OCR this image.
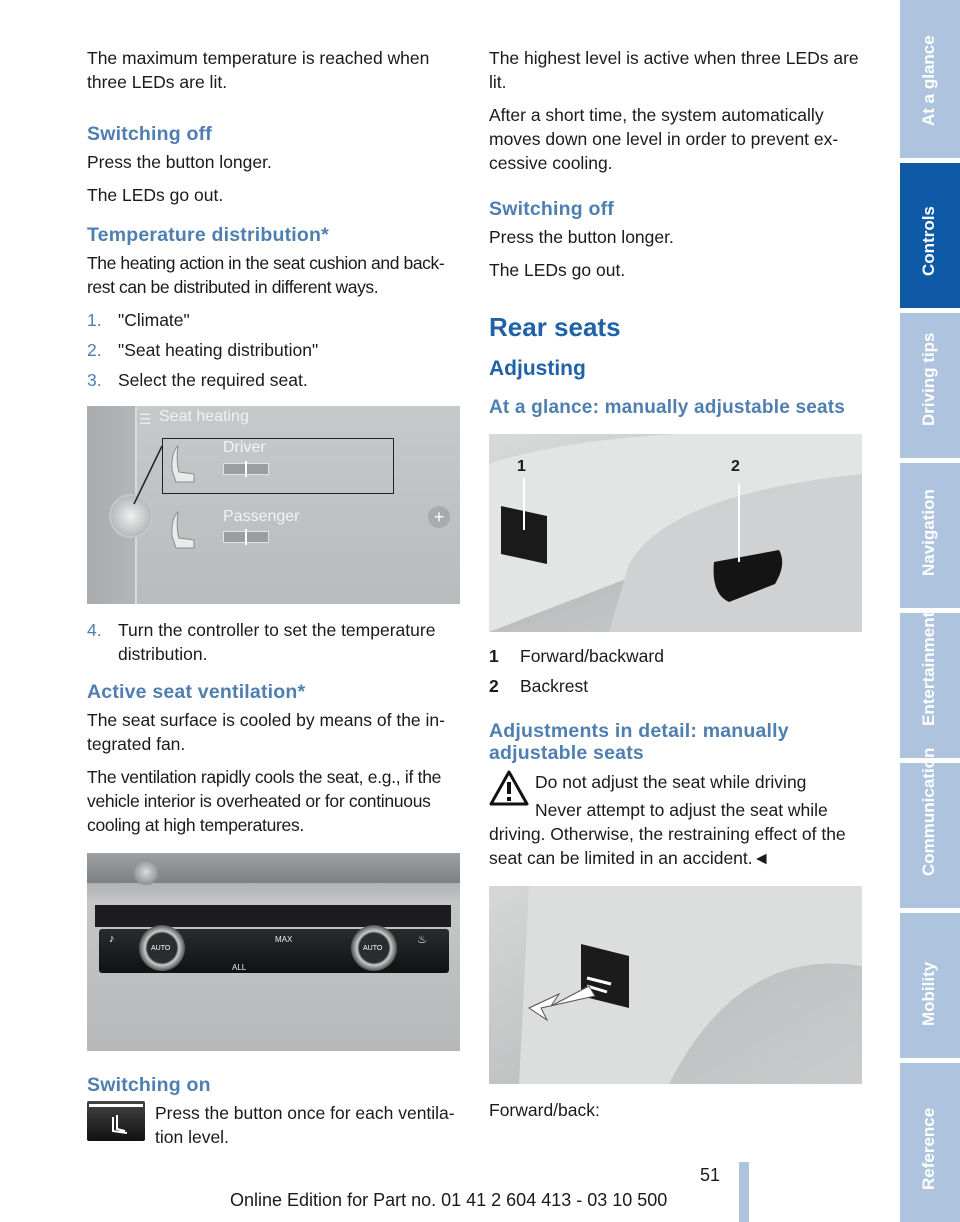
The maximum temperature is reached when three LEDs are lit.

Switching off

Press the button longer.

The LEDs go out.

Temperature distribution*

The heating action in the seat cushion and back-rest can be distributed in different ways.

1. "Climate"
2. "Seat heating distribution"
3. Select the required seat.
☰ Seat heating
Driver
Passenger	+
4. Turn the controller to set the temperature distribution.
Active seat ventilation*

The seat surface is cooled by means of the in-tegrated fan.

The ventilation rapidly cools the seat, e.g., if the vehicle interior is overheated or for continuous cooling at high temperatures.

AUTO	AUTO
MAX
ALL
♪	♨
Switching on

Press the button once for each ventila-tion level.

The highest level is active when three LEDs are lit.

After a short time, the system automatically moves down one level in order to prevent ex-cessive cooling.

Switching off

Press the button longer.

The LEDs go out.

Rear seats
Adjusting
At a glance: manually adjustable seats
1	2
1	Forward/backward
2	Backrest
Adjustments in detail: manually adjustable seats

Do not adjust the seat while driving

Never attempt to adjust the seat while

driving. Otherwise, the restraining effect of the seat can be limited in an accident.◄

Forward/back:

At a glance
Controls
Driving tips
Navigation
Entertainment
Communication
Mobility
Reference
51
Online Edition for Part no. 01 41 2 604 413 - 03 10 500
